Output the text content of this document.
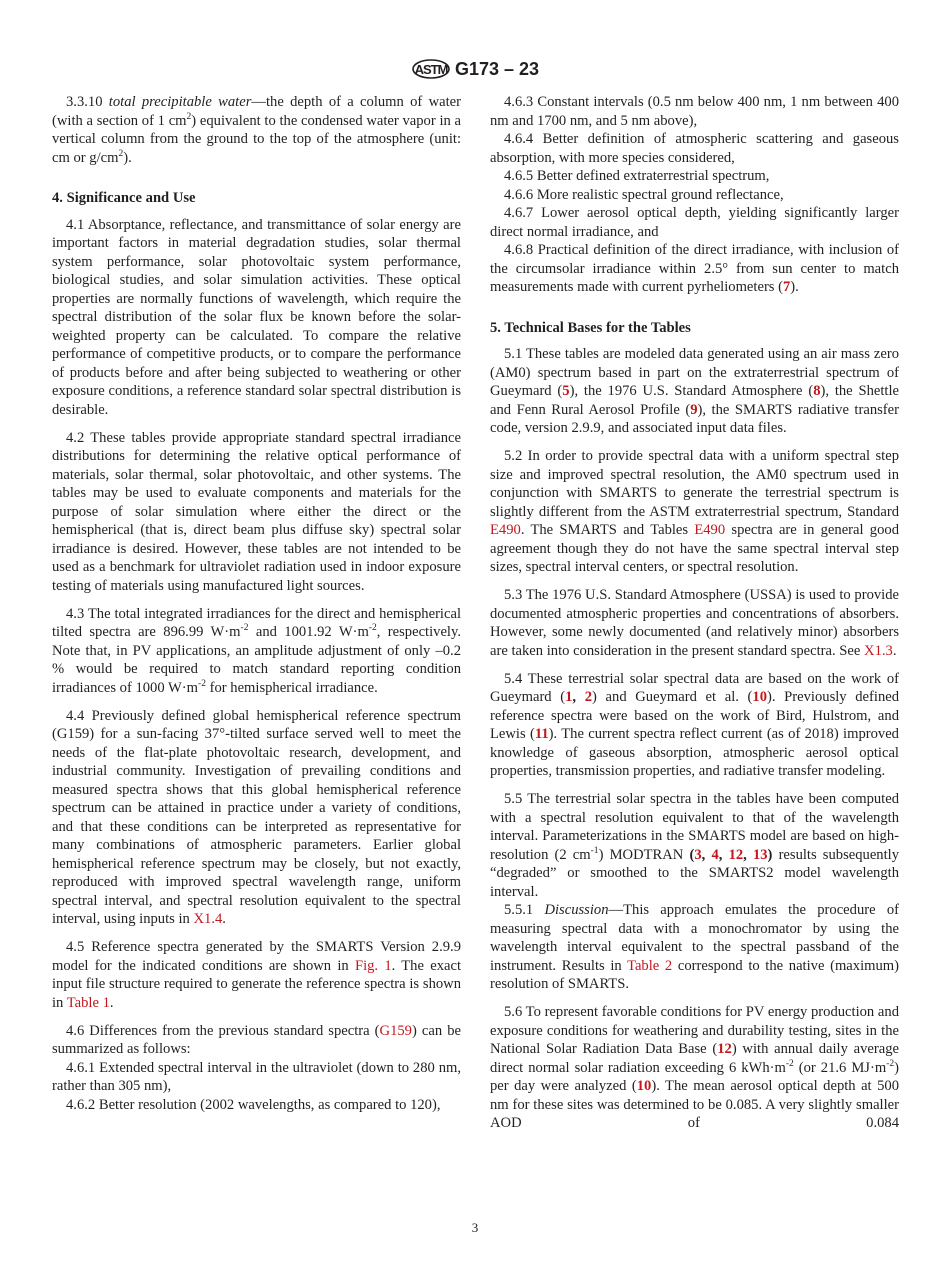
ASTM G173 – 23

3.3.10 total precipitable water—the depth of a column of water (with a section of 1 $cm^2$) equivalent to the condensed water vapor in a vertical column from the ground to the top of the atmosphere (unit: cm or $g/cm^2$).

4. Significance and Use

4.1 Absorptance, reflectance, and transmittance of solar energy are important factors in material degradation studies, solar thermal system performance, solar photovoltaic system performance, biological studies, and solar simulation activities. These optical properties are normally functions of wavelength, which require the spectral distribution of the solar flux be known before the solar-weighted property can be calculated. To compare the relative performance of competitive products, or to compare the performance of products before and after being subjected to weathering or other exposure conditions, a reference standard solar spectral distribution is desirable.

4.2 These tables provide appropriate standard spectral irradiance distributions for determining the relative optical performance of materials, solar thermal, solar photovoltaic, and other systems. The tables may be used to evaluate components and materials for the purpose of solar simulation where either the direct or the hemispherical (that is, direct beam plus diffuse sky) spectral solar irradiance is desired. However, these tables are not intended to be used as a benchmark for ultraviolet radiation used in indoor exposure testing of materials using manufactured light sources.

4.3 The total integrated irradiances for the direct and hemispherical tilted spectra are 896.99 $W\cdot m^{-2}$ and 1001.92 $W\cdot m^{-2}$, respectively. Note that, in PV applications, an amplitude adjustment of only –0.2 % would be required to match standard reporting condition irradiances of 1000 $W\cdot m^{-2}$ for hemispherical irradiance.

4.4 Previously defined global hemispherical reference spectrum (G159) for a sun-facing 37°-tilted surface served well to meet the needs of the flat-plate photovoltaic research, development, and industrial community. Investigation of prevailing conditions and measured spectra shows that this global hemispherical reference spectrum can be attained in practice under a variety of conditions, and that these conditions can be interpreted as representative for many combinations of atmospheric parameters. Earlier global hemispherical reference spectrum may be closely, but not exactly, reproduced with improved spectral wavelength range, uniform spectral interval, and spectral resolution equivalent to the spectral interval, using inputs in X1.4.

4.5 Reference spectra generated by the SMARTS Version 2.9.9 model for the indicated conditions are shown in Fig. 1. The exact input file structure required to generate the reference spectra is shown in Table 1.

4.6 Differences from the previous standard spectra (G159) can be summarized as follows:

4.6.1 Extended spectral interval in the ultraviolet (down to 280 nm, rather than 305 nm),

4.6.2 Better resolution (2002 wavelengths, as compared to 120),

4.6.3 Constant intervals (0.5 nm below 400 nm, 1 nm between 400 nm and 1700 nm, and 5 nm above),

4.6.4 Better definition of atmospheric scattering and gaseous absorption, with more species considered,

4.6.5 Better defined extraterrestrial spectrum,

4.6.6 More realistic spectral ground reflectance,

4.6.7 Lower aerosol optical depth, yielding significantly larger direct normal irradiance, and

4.6.8 Practical definition of the direct irradiance, with inclusion of the circumsolar irradiance within 2.5° from sun center to match measurements made with current pyrheliometers (7).

5. Technical Bases for the Tables

5.1 These tables are modeled data generated using an air mass zero (AM0) spectrum based in part on the extraterrestrial spectrum of Gueymard (5), the 1976 U.S. Standard Atmosphere (8), the Shettle and Fenn Rural Aerosol Profile (9), the SMARTS radiative transfer code, version 2.9.9, and associated input data files.

5.2 In order to provide spectral data with a uniform spectral step size and improved spectral resolution, the AM0 spectrum used in conjunction with SMARTS to generate the terrestrial spectrum is slightly different from the ASTM extraterrestrial spectrum, Standard E490. The SMARTS and Tables E490 spectra are in general good agreement though they do not have the same spectral interval step sizes, spectral interval centers, or spectral resolution.

5.3 The 1976 U.S. Standard Atmosphere (USSA) is used to provide documented atmospheric properties and concentrations of absorbers. However, some newly documented (and relatively minor) absorbers are taken into consideration in the present standard spectra. See X1.3.

5.4 These terrestrial solar spectral data are based on the work of Gueymard (1, 2) and Gueymard et al. (10). Previously defined reference spectra were based on the work of Bird, Hulstrom, and Lewis (11). The current spectra reflect current (as of 2018) improved knowledge of gaseous absorption, atmospheric aerosol optical properties, transmission properties, and radiative transfer modeling.

5.5 The terrestrial solar spectra in the tables have been computed with a spectral resolution equivalent to that of the wavelength interval. Parameterizations in the SMARTS model are based on high-resolution (2 $cm^{-1}$) MODTRAN (3, 4, 12, 13) results subsequently “degraded” or smoothed to the SMARTS2 model wavelength interval.

5.5.1 Discussion—This approach emulates the procedure of measuring spectral data with a monochromator by using the wavelength interval equivalent to the spectral passband of the instrument. Results in Table 2 correspond to the native (maximum) resolution of SMARTS.

5.6 To represent favorable conditions for PV energy production and exposure conditions for weathering and durability testing, sites in the National Solar Radiation Data Base (12) with annual daily average direct normal solar radiation exceeding 6 $kWh\cdot m^{-2}$ (or 21.6 $MJ\cdot m^{-2}$) per day were analyzed (10). The mean aerosol optical depth at 500 nm for these sites was determined to be 0.085. A very slightly smaller AOD of 0.084

3
